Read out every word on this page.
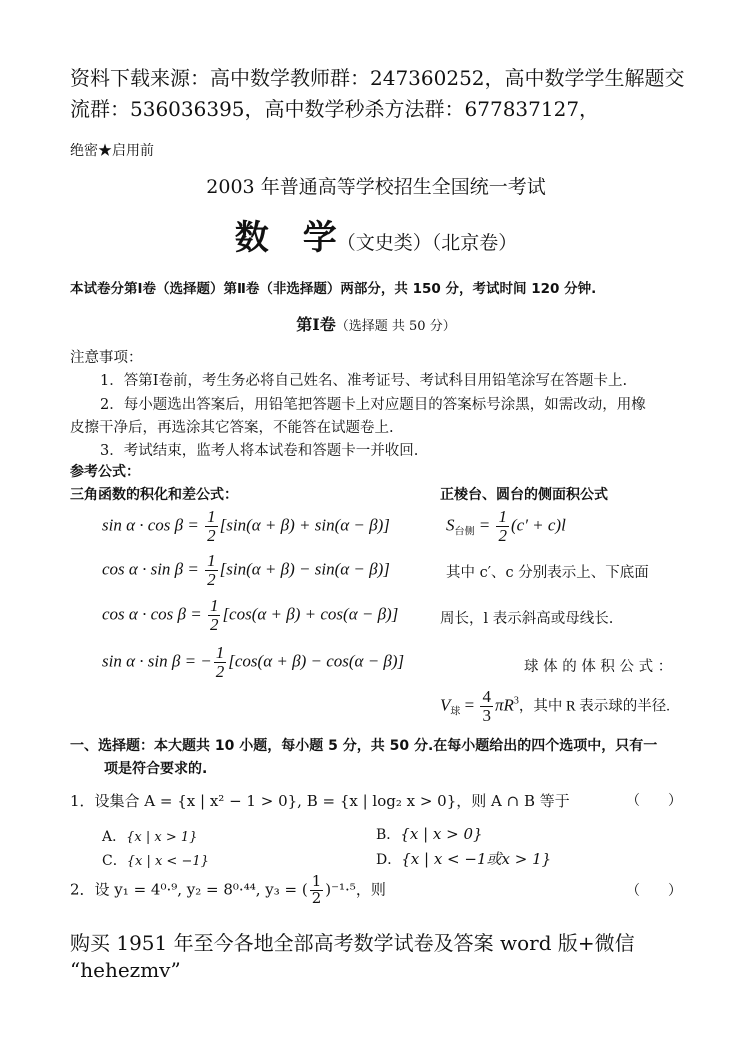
资料下载来源：高中数学教师群：247360252，高中数学学生解题交
流群：536036395，高中数学秒杀方法群：677837127，
绝密★启用前
2003 年普通高等学校招生全国统一考试
数　学（文史类）（北京卷）
本试卷分第Ⅰ卷（选择题）第Ⅱ卷（非选择题）两部分，共 150 分，考试时间 120 分钟.
第Ⅰ卷（选择题 共 50 分）
注意事项：
1．答第Ⅰ卷前，考生务必将自己姓名、准考证号、考试科目用铅笔涂写在答题卡上.
2．每小题选出答案后，用铅笔把答题卡上对应题目的答案标号涂黑，如需改动，用橡
皮擦干净后，再选涂其它答案，不能答在试题卷上.
3．考试结束，监考人将本试卷和答题卡一并收回.
参考公式：
三角函数的积化和差公式：	正棱台、圆台的侧面积公式
$\sin \alpha \cdot \cos \beta = \frac{1}{2} [\sin(\alpha + \beta) + \sin(\alpha - \beta)]$
$\cos \alpha \cdot \sin \beta = \frac{1}{2} [\sin(\alpha + \beta) - \sin(\alpha - \beta)]$
$\cos \alpha \cdot \cos \beta = \frac{1}{2} [\cos(\alpha + \beta) + \cos(\alpha - \beta)]$
sin α · sin β = − $\frac{1}{2} [\cos(\alpha + \beta) - \cos(\alpha - \beta)]$
$S_{台侧} = \frac{1}{2} (c' + c)l$
其中 c′、c 分别表示上、下底面
周长，l 表示斜高或母线长.
球 体 的 体 积 公 式 ：
$V_球 = \frac{4}{3} \pi R^3$，其中 R 表示球的半径.
一、选择题：本大题共 10 小题，每小题 5 分，共 50 分.在每小题给出的四个选项中，只有一
项是符合要求的.
1．设集合 A = {x | x² − 1 > 0}, B = {x | log₂ x > 0}，则 A ∩ B 等于	（　　）
A．{x | x > 1}	B．{x | x > 0}
C．{x | x < −1}	D．{x | x < −1或x > 1}
2．设 y₁ = 4⁰·⁹, y₂ = 8⁰·⁴⁴, y₃ = ( $\frac{1}{2} )^{-1}\cdot^5$，则	（　　）
购买 1951 年至今各地全部高考数学试卷及答案 word 版+微信
“hehezmv”
